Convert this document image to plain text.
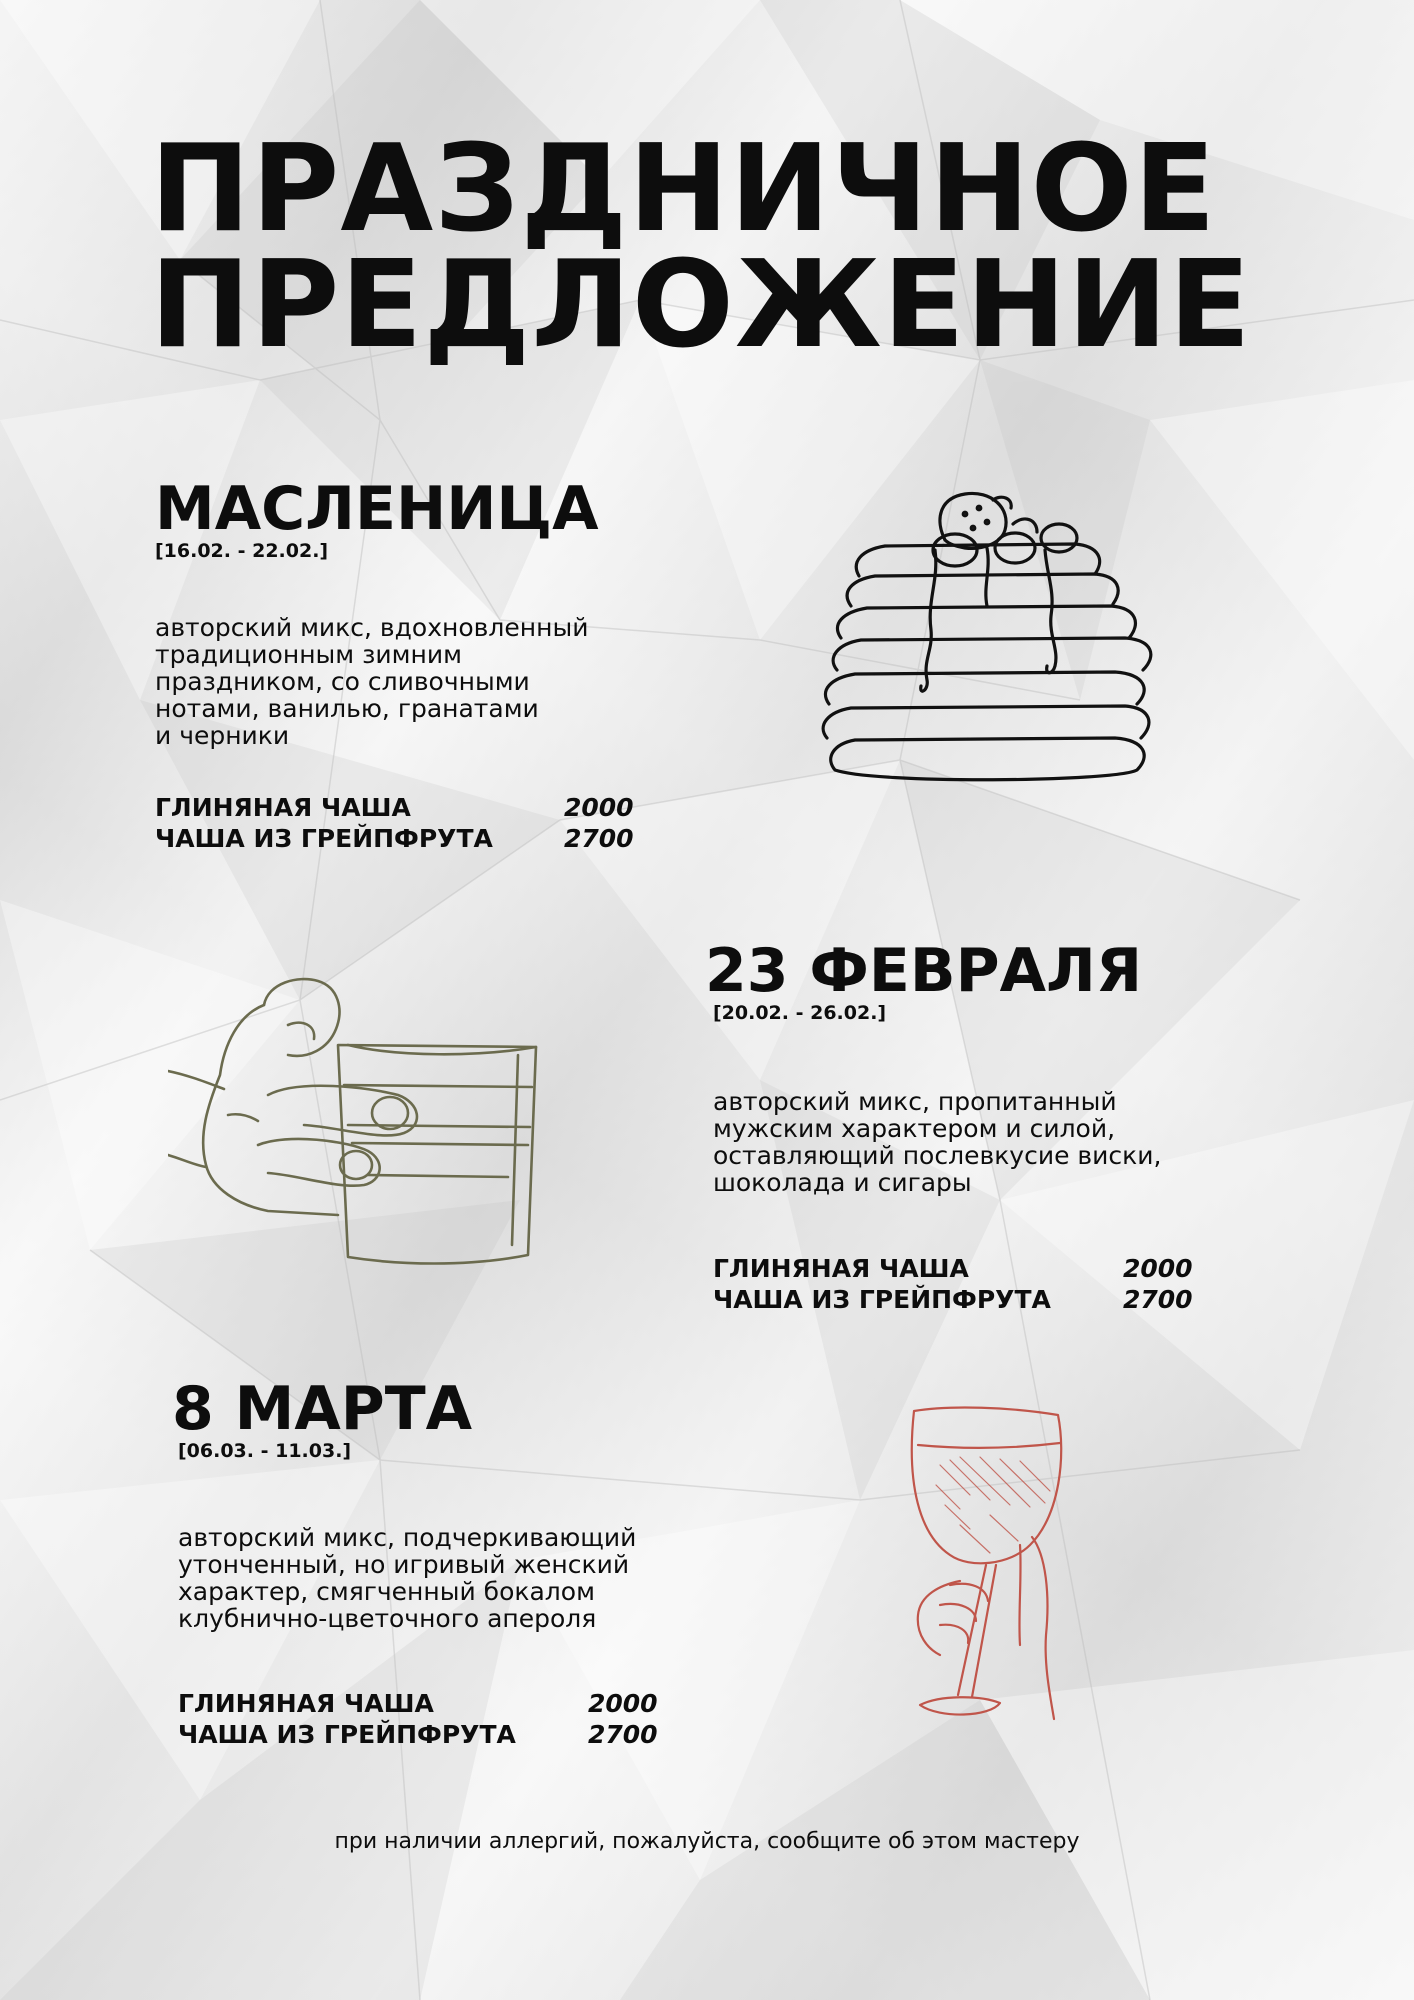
ПРАЗДНИЧНОЕ
ПРЕДЛОЖЕНИЕ
МАСЛЕНИЦА

[16.02. - 22.02.]

авторский микс, вдохновленный
традиционным зимним
праздником, со сливочными
нотами, ванилью, гранатами
и черники

ГЛИНЯНАЯ ЧАША	2000
ЧАША ИЗ ГРЕЙПФРУТА	2700
23 ФЕВРАЛЯ

[20.02. - 26.02.]

авторский микс, пропитанный
мужским характером и силой,
оставляющий послевкусие виски,
шоколада и сигары

ГЛИНЯНАЯ ЧАША	2000
ЧАША ИЗ ГРЕЙПФРУТА	2700
8 МАРТА

[06.03. - 11.03.]

авторский микс, подчеркивающий
утонченный, но игривый женский
характер, смягченный бокалом
клубнично-цветочного апероля

ГЛИНЯНАЯ ЧАША	2000
ЧАША ИЗ ГРЕЙПФРУТА	2700

при наличии аллергий, пожалуйста, сообщите об этом мастеру
